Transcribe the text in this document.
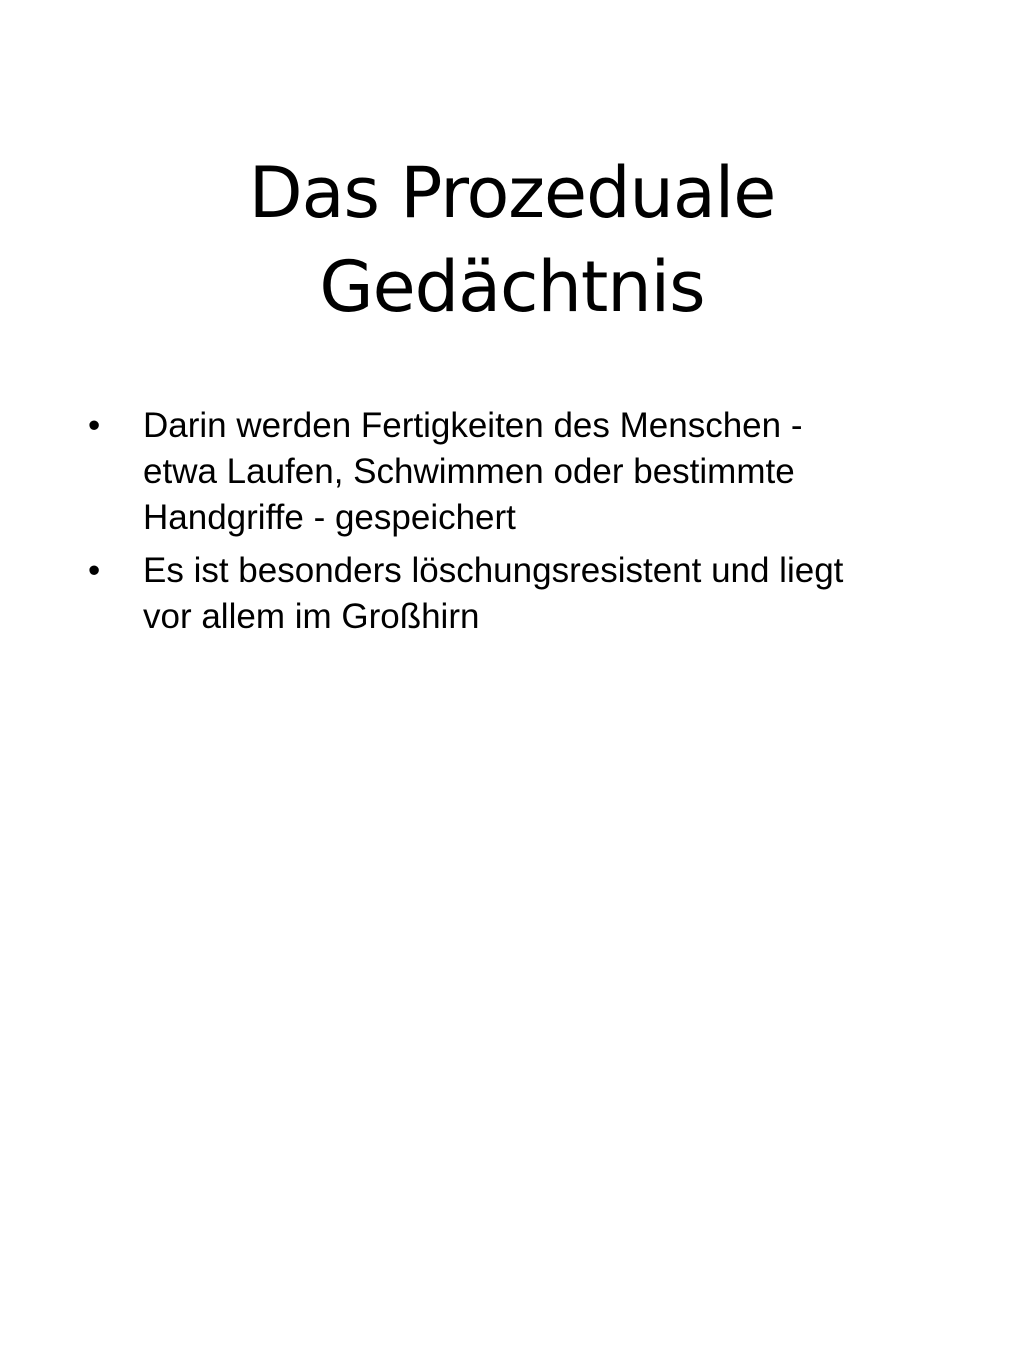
Das Prozeduale
Gedächtnis
•	Darin werden Fertigkeiten des Menschen -
etwa Laufen, Schwimmen oder bestimmte
Handgriffe - gespeichert
•	Es ist besonders löschungsresistent und liegt
vor allem im Großhirn
